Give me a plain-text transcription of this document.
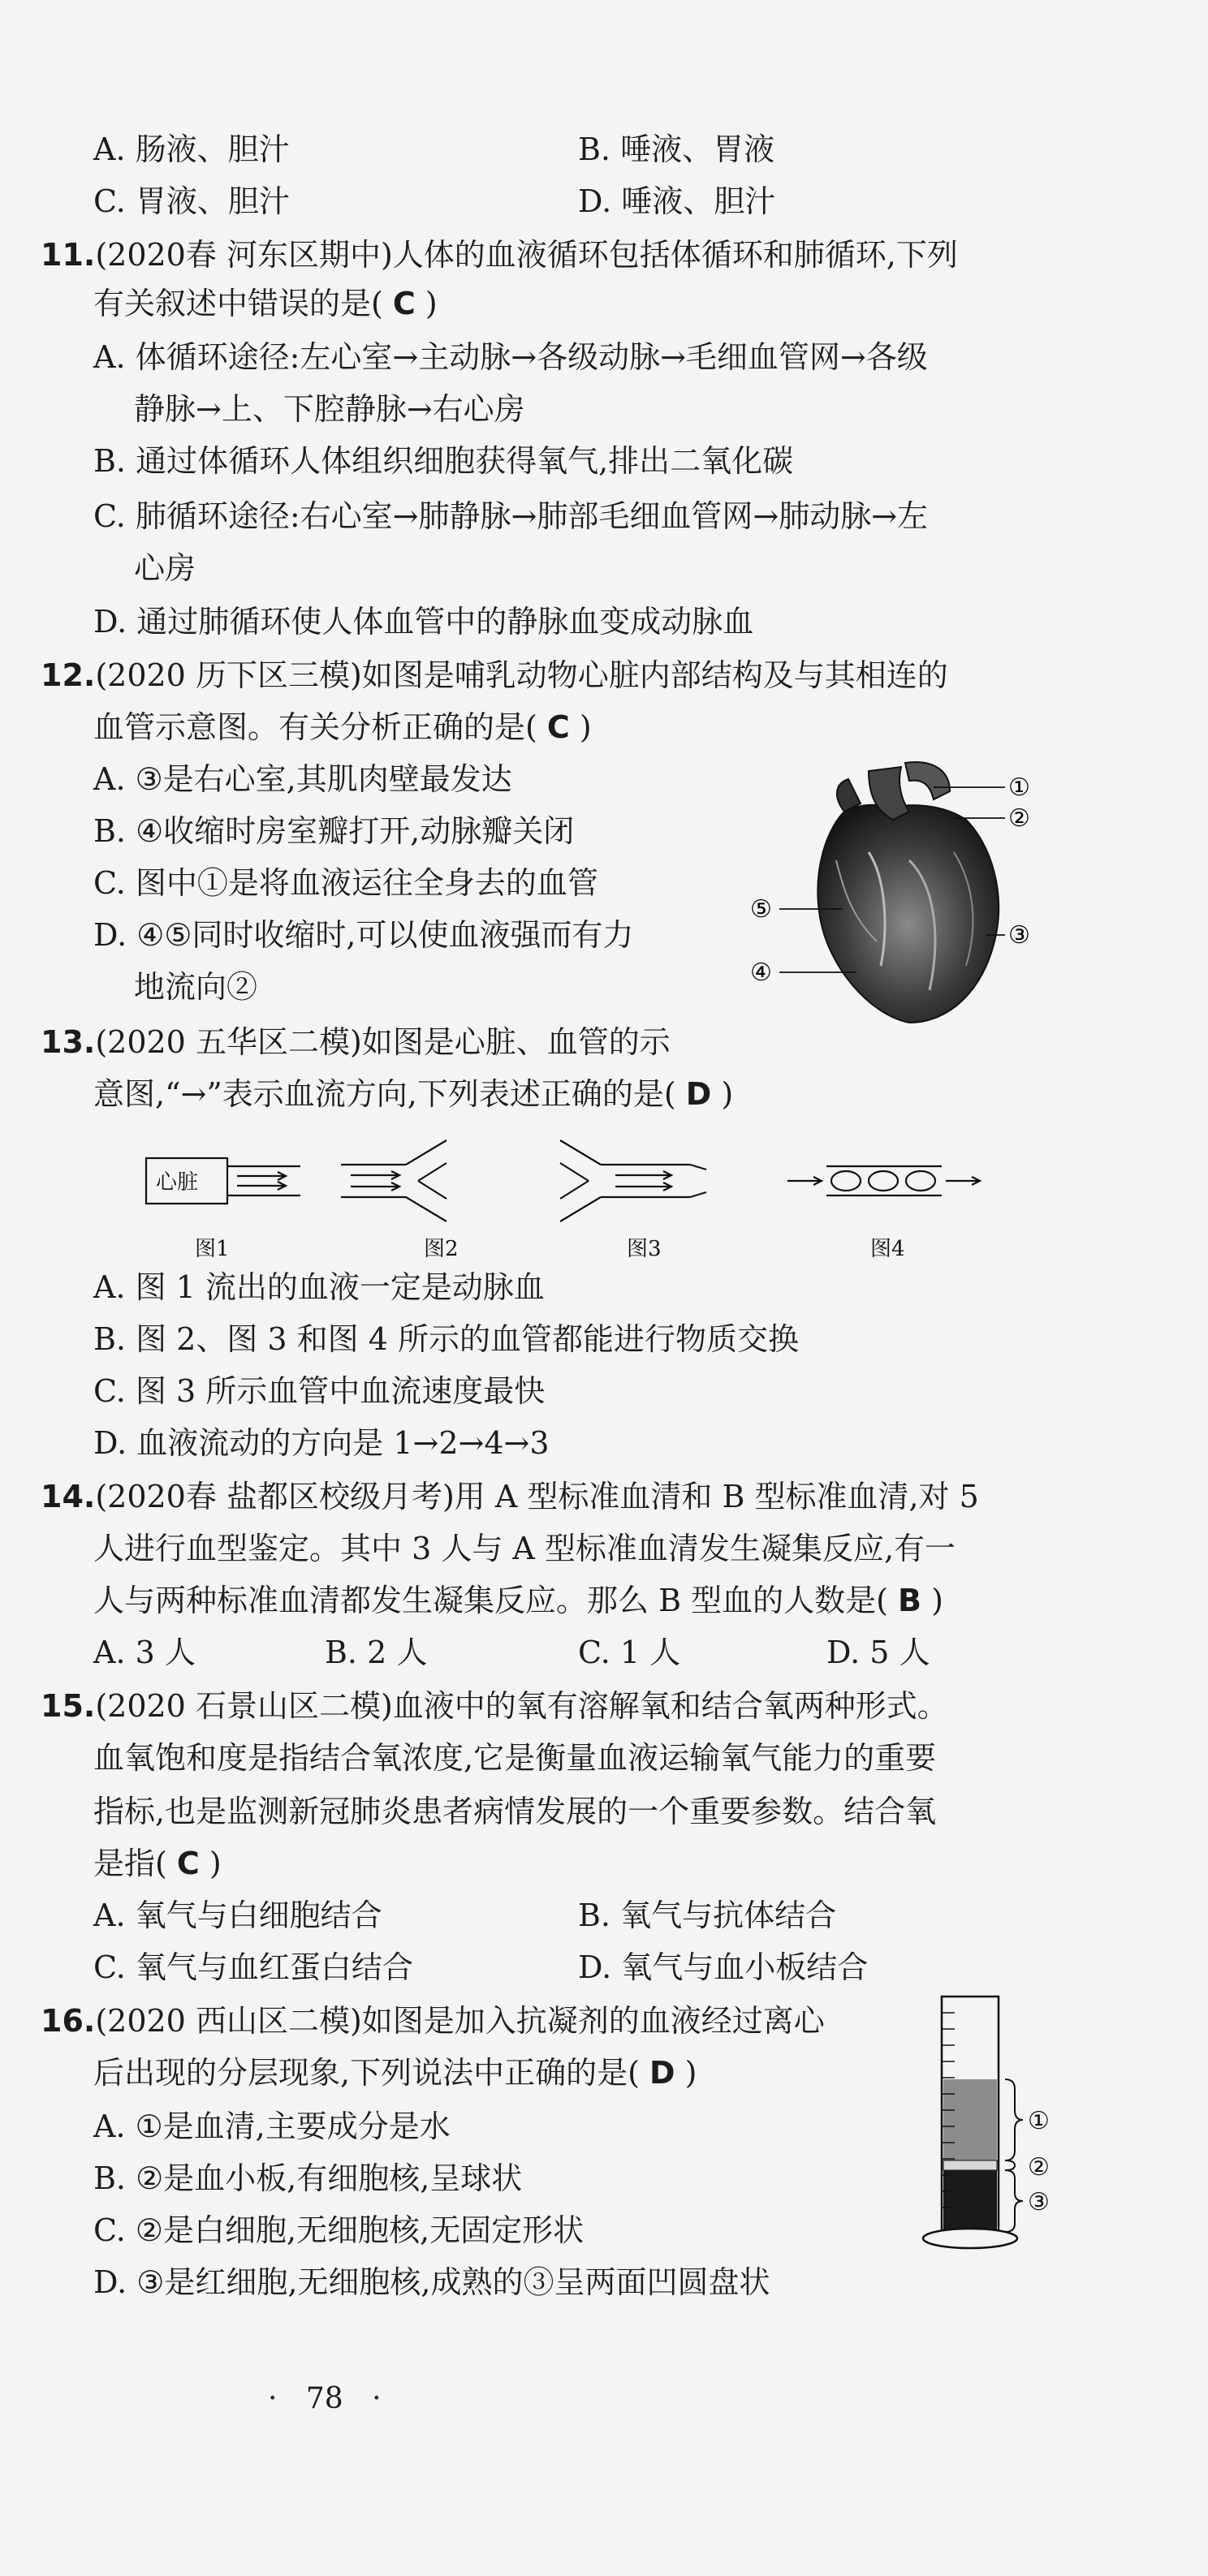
A. 肠液、胆汁	B. 唾液、胃液
C. 胃液、胆汁	D. 唾液、胆汁
11.(2020春 河东区期中)人体的血液循环包括体循环和肺循环,下列
有关叙述中错误的是( C )
A. 体循环途径:左心室→主动脉→各级动脉→毛细血管网→各级
静脉→上、下腔静脉→右心房
B. 通过体循环人体组织细胞获得氧气,排出二氧化碳
C. 肺循环途径:右心室→肺静脉→肺部毛细血管网→肺动脉→左
心房
D. 通过肺循环使人体血管中的静脉血变成动脉血
12.(2020 历下区三模)如图是哺乳动物心脏内部结构及与其相连的
血管示意图。有关分析正确的是( C )
A. ③是右心室,其肌肉壁最发达
B. ④收缩时房室瓣打开,动脉瓣关闭
C. 图中①是将血液运往全身去的血管
D. ④⑤同时收缩时,可以使血液强而有力
地流向②
①
②
③
④
⑤
13.(2020 五华区二模)如图是心脏、血管的示
意图,“→”表示血流方向,下列表述正确的是( D )
心脏
图1	图2	图3	图4
A. 图 1 流出的血液一定是动脉血
B. 图 2、图 3 和图 4 所示的血管都能进行物质交换
C. 图 3 所示血管中血流速度最快
D. 血液流动的方向是 1→2→4→3
14.(2020春 盐都区校级月考)用 A 型标准血清和 B 型标准血清,对 5
人进行血型鉴定。其中 3 人与 A 型标准血清发生凝集反应,有一
人与两种标准血清都发生凝集反应。那么 B 型血的人数是( B )
A. 3 人	B. 2 人	C. 1 人	D. 5 人
15.(2020 石景山区二模)血液中的氧有溶解氧和结合氧两种形式。
血氧饱和度是指结合氧浓度,它是衡量血液运输氧气能力的重要
指标,也是监测新冠肺炎患者病情发展的一个重要参数。结合氧
是指( C )
A. 氧气与白细胞结合	B. 氧气与抗体结合
C. 氧气与血红蛋白结合	D. 氧气与血小板结合
16.(2020 西山区二模)如图是加入抗凝剂的血液经过离心
后出现的分层现象,下列说法中正确的是( D )
A. ①是血清,主要成分是水
B. ②是血小板,有细胞核,呈球状
C. ②是白细胞,无细胞核,无固定形状
D. ③是红细胞,无细胞核,成熟的③呈两面凹圆盘状
①
②
③
· 78 ·
